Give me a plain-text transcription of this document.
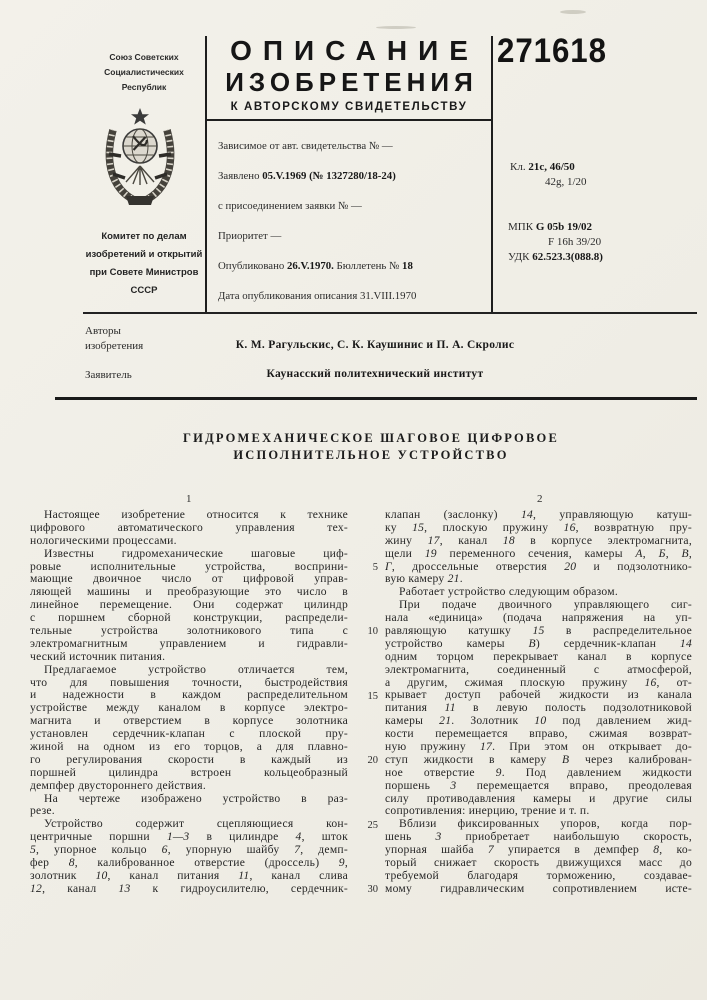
Союз Советских
Социалистических
Республик
Комитет по делам
изобретений и открытий
при Совете Министров
СССР
ОПИСАНИЕ
ИЗОБРЕТЕНИЯ
К АВТОРСКОМУ СВИДЕТЕЛЬСТВУ
Зависимое от авт. свидетельства № —
Заявлено 05.V.1969 (№ 1327280/18-24)
с присоединением заявки № —
Приоритет —
Опубликовано 26.V.1970. Бюллетень № 18
Дата опубликования описания 31.VIII.1970
271618
Кл. 21c, 46/50
42g, 1/20
МПК G 05b 19/02
F 16h 39/20
УДК 62.523.3(088.8)
Авторы
изобретения	К. М. Рагульскис, С. К. Каушинис и П. А. Скролис
Заявитель	Каунасский политехнический институт
ГИДРОМЕХАНИЧЕСКОЕ ШАГОВОЕ ЦИФРОВОЕ
ИСПОЛНИТЕЛЬНОЕ УСТРОЙСТВО
1	2
Настоящее изобретение относится к технике
цифрового автоматического управления тех-
нологическими процессами.
Известны гидромеханические шаговые циф-
ровые исполнительные устройства, восприни-
мающие двоичное число от цифровой управ-
ляющей машины и преобразующие это число в
линейное перемещение. Они содержат цилиндр
с поршнем сборной конструкции, распредели-
тельные устройства золотникового типа с
электромагнитным управлением и гидравли-
ческий источник питания.
Предлагаемое устройство отличается тем,
что для повышения точности, быстродействия
и надежности в каждом распределительном
устройстве между каналом в корпусе электро-
магнита и отверстием в корпусе золотника
установлен сердечник-клапан с плоской пру-
жиной на одном из его торцов, а для плавно-
го регулирования скорости в каждый из
поршней цилиндра встроен кольцеобразный
демпфер двустороннего действия.
На чертеже изображено устройство в раз-
резе.
Устройство содержит сцепляющиеся кон-
центричные поршни 1—3 в цилиндре 4, шток
5, упорное кольцо 6, упорную шайбу 7, демп-
фер 8, калиброванное отверстие (дроссель) 9,
золотник 10, канал питания 11, канал слива
12, канал 13 к гидроусилителю, сердечник-
клапан (заслонку) 14, управляющую катуш-
ку 15, плоскую пружину 16, возвратную пру-
жину 17, канал 18 в корпусе электромагнита,
щели 19 переменного сечения, камеры А, Б, В,
Г, дроссельные отверстия 20 и подзолотнико-
вую камеру 21.
Работает устройство следующим образом.
При подаче двоичного управляющего сиг-
нала «единица» (подача напряжения на уп-
равляющую катушку 15 в распределительное
устройство камеры В) сердечник-клапан 14
одним торцом перекрывает канал в корпусе
электромагнита, соединенный с атмосферой,
а другим, сжимая плоскую пружину 16, от-
крывает доступ рабочей жидкости из канала
питания 11 в левую полость подзолотниковой
камеры 21. Золотник 10 под давлением жид-
кости перемещается вправо, сжимая возврат-
ную пружину 17. При этом он открывает до-
ступ жидкости в камеру В через калиброван-
ное отверстие 9. Под давлением жидкости
поршень 3 перемещается вправо, преодолевая
силу противодавления камеры и другие силы
сопротивления: инерцию, трение и т. п.
Вблизи фиксированных упоров, когда пор-
шень 3 приобретает наибольшую скорость,
упорная шайба 7 упирается в демпфер 8, ко-
торый снижает скорость движущихся масс до
требуемой благодаря торможению, создавае-
мому гидравлическим сопротивлением исте-
5
10
15
20
25
30
